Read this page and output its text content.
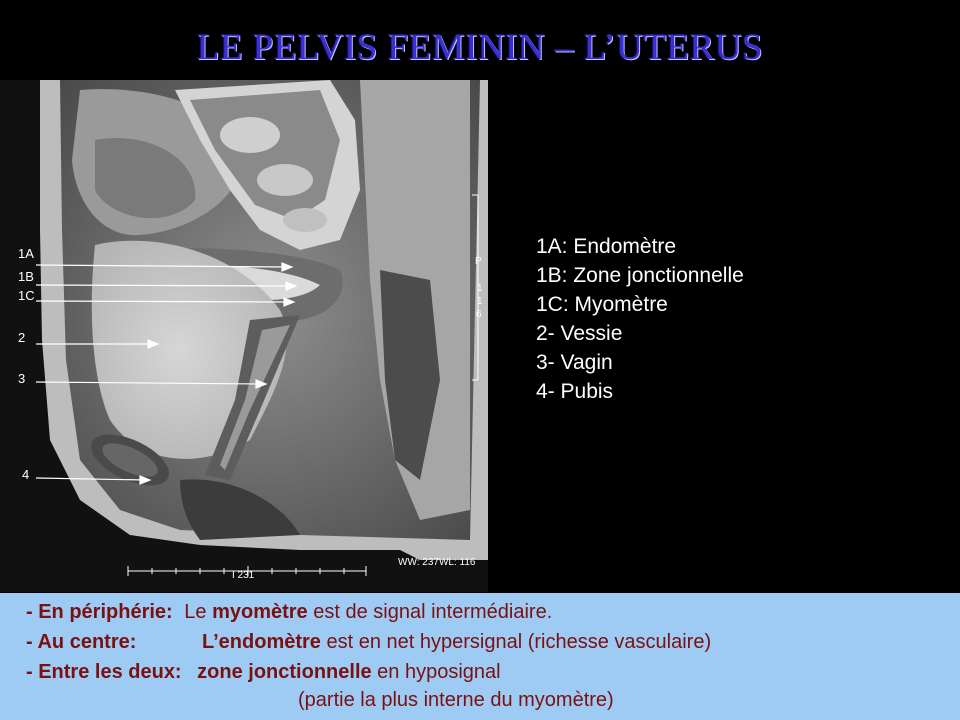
LE PELVIS FEMININ – L’UTERUS
1A
1B
1C
2
3
4
P
1
1
6
WW: 237WL: 116
I 231
1A: Endomètre
1B: Zone jonctionnelle
1C: Myomètre
2- Vessie
3- Vagin
4- Pubis
- En périphérie: Le myomètre est de signal intermédiaire.
- Au centre:	L’endomètre est en net hypersignal (richesse vasculaire)
- Entre les deux: zone jonctionnelle en hyposignal
(partie la plus interne du myomètre)
